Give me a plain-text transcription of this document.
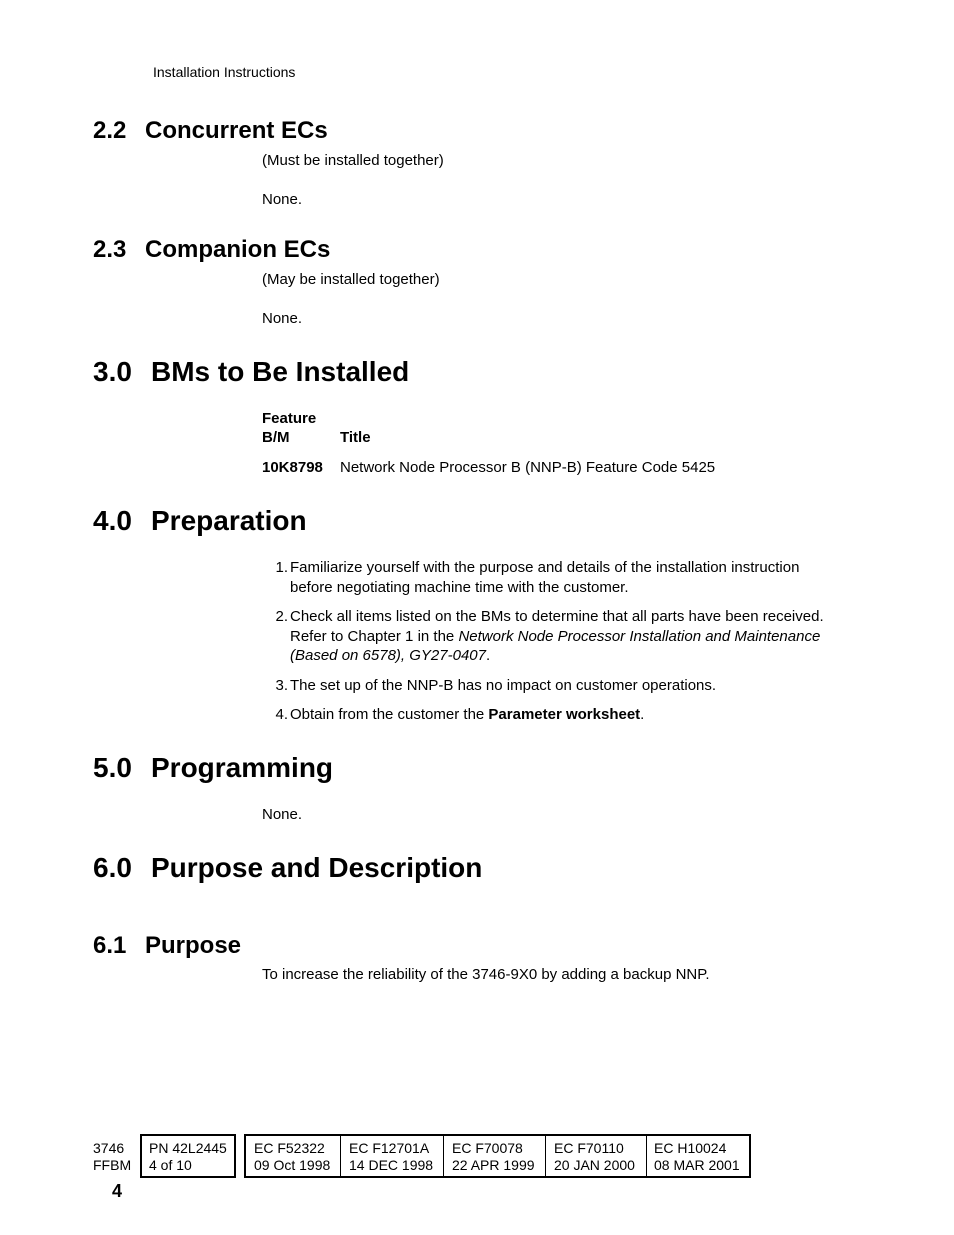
Installation Instructions
2.2 Concurrent ECs
(Must be installed together)
None.
2.3 Companion ECs
(May be installed together)
None.
3.0 BMs to Be Installed
Feature
B/M	Title
10K8798 Network Node Processor B (NNP-B) Feature Code 5425
4.0 Preparation
1. Familiarize yourself with the purpose and details of the installation instruction before negotiating machine time with the customer.
2. Check all items listed on the BMs to determine that all parts have been received. Refer to Chapter 1 in the Network Node Processor Installation and Maintenance (Based on 6578), GY27-0407.
3. The set up of the NNP-B has no impact on customer operations.
4. Obtain from the customer the Parameter worksheet.
5.0 Programming
None.
6.0 Purpose and Description
6.1 Purpose
To increase the reliability of the 3746-9X0 by adding a backup NNP.
3746
FFBM
PN 42L2445
4 of 10
EC F52322
09 Oct 1998
EC F12701A
14 DEC 1998
EC F70078
22 APR 1999
EC F70110
20 JAN 2000
EC H10024
08 MAR 2001
4
